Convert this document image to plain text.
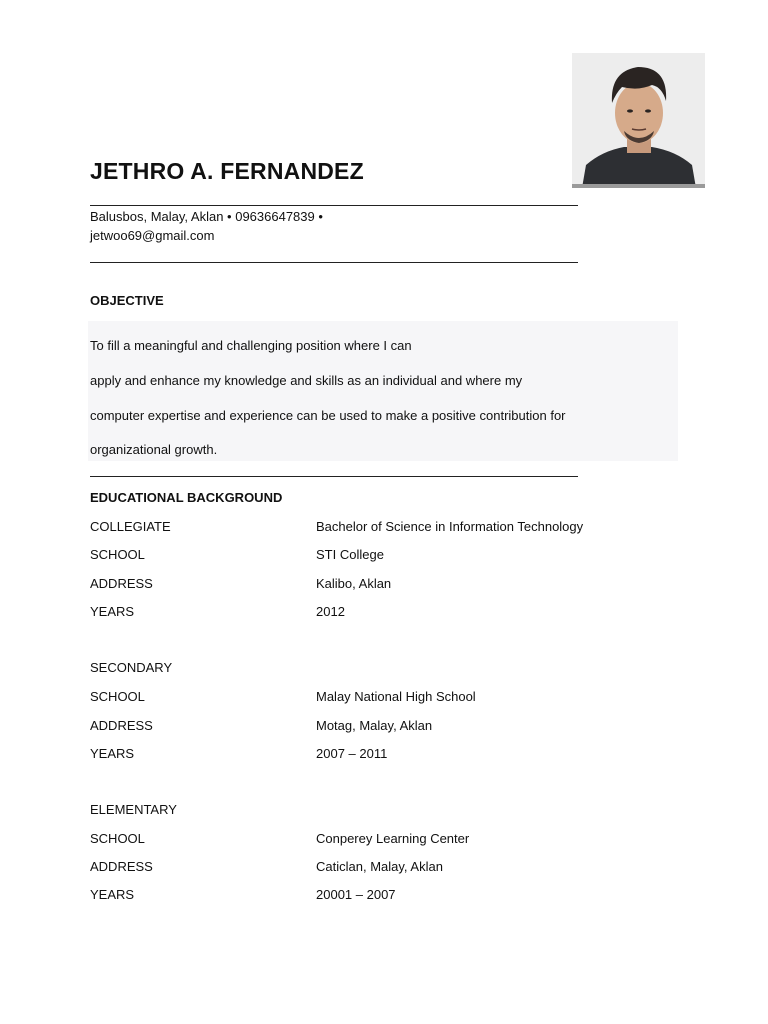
JETHRO A. FERNANDEZ
Balusbos, Malay, Aklan • 09636647839 •
jetwoo69@gmail.com
OBJECTIVE
To fill a meaningful and challenging position where I can
apply and enhance my knowledge and skills as an individual and where my
computer expertise and experience can be used to make a positive contribution for
organizational growth.
EDUCATIONAL BACKGROUND
COLLEGIATE	Bachelor of Science in Information Technology
SCHOOL	STI College
ADDRESS	Kalibo, Aklan
YEARS	2012
SECONDARY
SCHOOL	Malay National High School
ADDRESS	Motag, Malay, Aklan
YEARS	2007 – 2011
ELEMENTARY
SCHOOL	Conperey Learning Center
ADDRESS	Caticlan, Malay, Aklan
YEARS	20001 – 2007
